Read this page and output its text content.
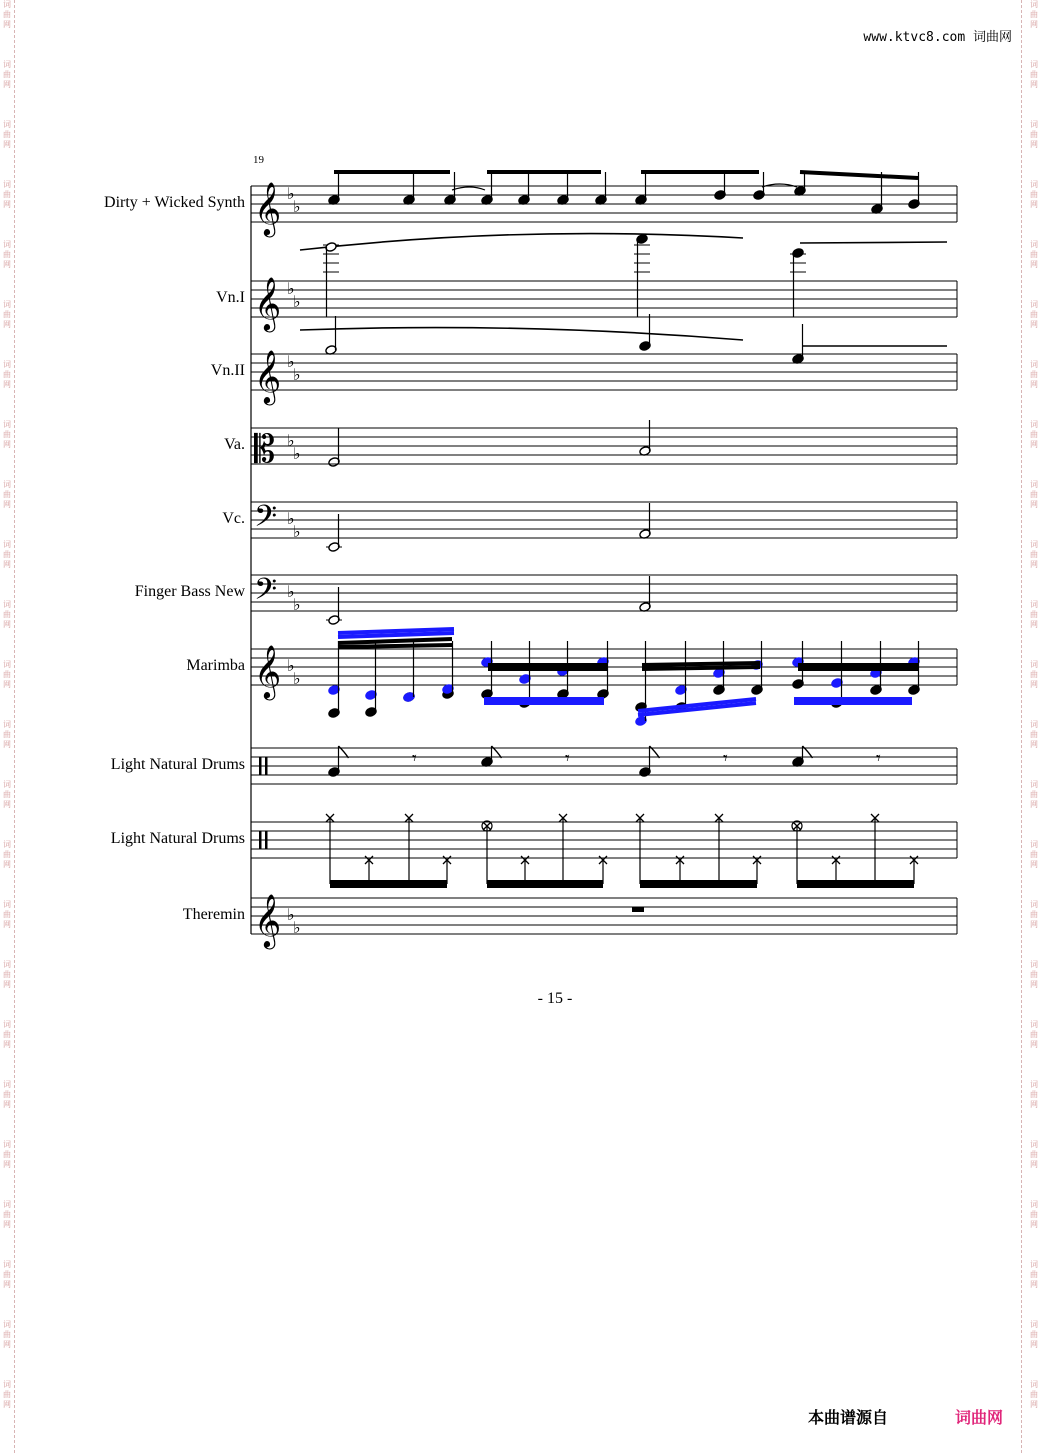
词
曲
网
词
曲
网
词
曲
网
词
曲
网
词
曲
网
词
曲
网
词
曲
网
词
曲
网
词
曲
网
词
曲
网
词
曲
网
词
曲
网
词
曲
网
词
曲
网
词
曲
网
词
曲
网
词
曲
网
词
曲
网
词
曲
网
词
曲
网
词
曲
网
词
曲
网
词
曲
网
词
曲
网
词
曲
网
词
曲
网
词
曲
网
词
曲
网
词
曲
网
词
曲
网
词
曲
网
词
曲
网
词
曲
网
词
曲
网
词
曲
网
词
曲
网
词
曲
网
词
曲
网
词
曲
网
词
曲
网
词
曲
网
词
曲
网
词
曲
网
词
曲
网
词
曲
网
词
曲
网
词
曲
网
词
曲
网
www.ktvc8.com 词曲网
19
Dirty + Wicked Synth
Vn.I
Vn.II
Va.
Vc.
Finger Bass New
Marimba
Light Natural Drums
Light Natural Drums
Theremin
𝄞 ♭
♭
𝄞 ♭
♭
𝄞 ♭
♭
𝄡 ♭
♭
𝄢 ♭
♭
𝄢 ♭
♭
𝄞 ♭
♭
𝄞 ♭
♭
𝄾	𝄾	𝄾	𝄾
- 15 -
本曲谱源自	词曲网
